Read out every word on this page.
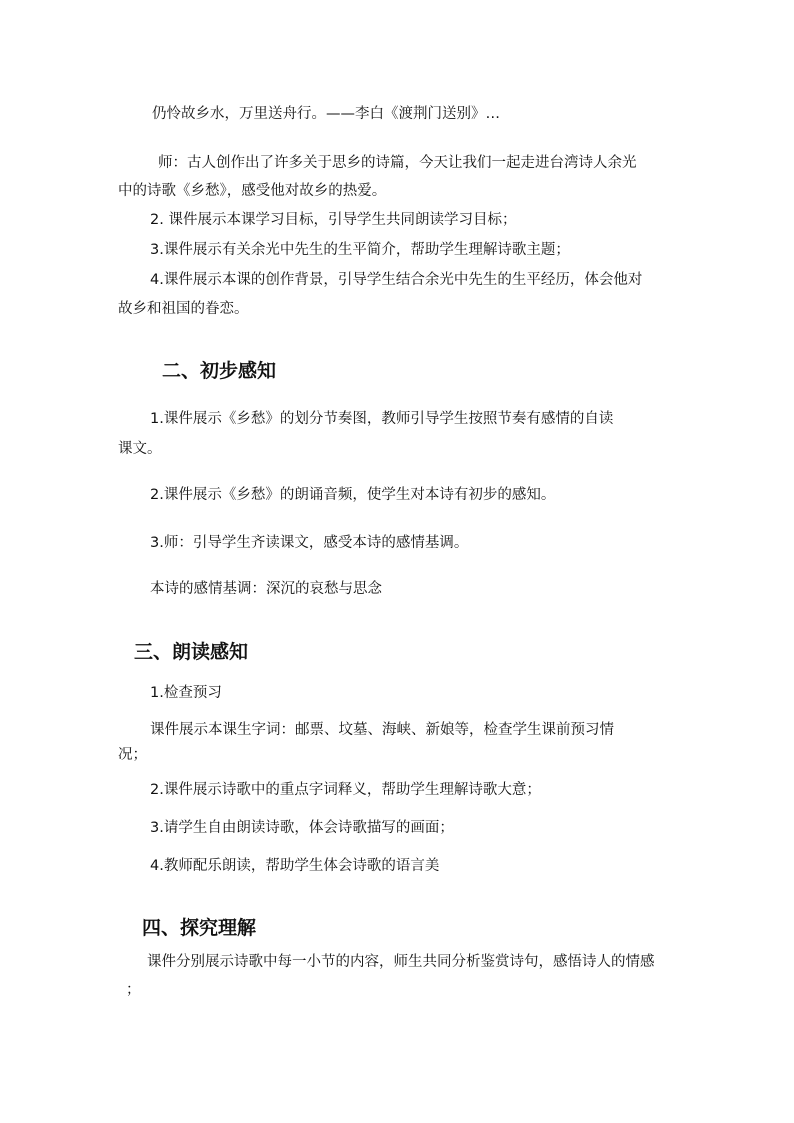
仍怜故乡水，万里送舟行。——李白《渡荆门送别》…
师：古人创作出了许多关于思乡的诗篇，今天让我们一起走进台湾诗人余光
中的诗歌《乡愁》，感受他对故乡的热爱。
2. 课件展示本课学习目标，引导学生共同朗读学习目标；
3.课件展示有关余光中先生的生平简介，帮助学生理解诗歌主题；
4.课件展示本课的创作背景，引导学生结合余光中先生的生平经历，体会他对
故乡和祖国的眷恋。
二、初步感知
1.课件展示《乡愁》的划分节奏图，教师引导学生按照节奏有感情的自读
课文。
2.课件展示《乡愁》的朗诵音频，使学生对本诗有初步的感知。
3.师：引导学生齐读课文，感受本诗的感情基调。
本诗的感情基调：深沉的哀愁与思念
三、朗读感知
1.检查预习
课件展示本课生字词：邮票、坟墓、海峡、新娘等，检查学生课前预习情
况；
2.课件展示诗歌中的重点字词释义，帮助学生理解诗歌大意；
3.请学生自由朗读诗歌，体会诗歌描写的画面；
4.教师配乐朗读，帮助学生体会诗歌的语言美
四、探究理解
课件分别展示诗歌中每一小节的内容，师生共同分析鉴赏诗句，感悟诗人的情感
；
